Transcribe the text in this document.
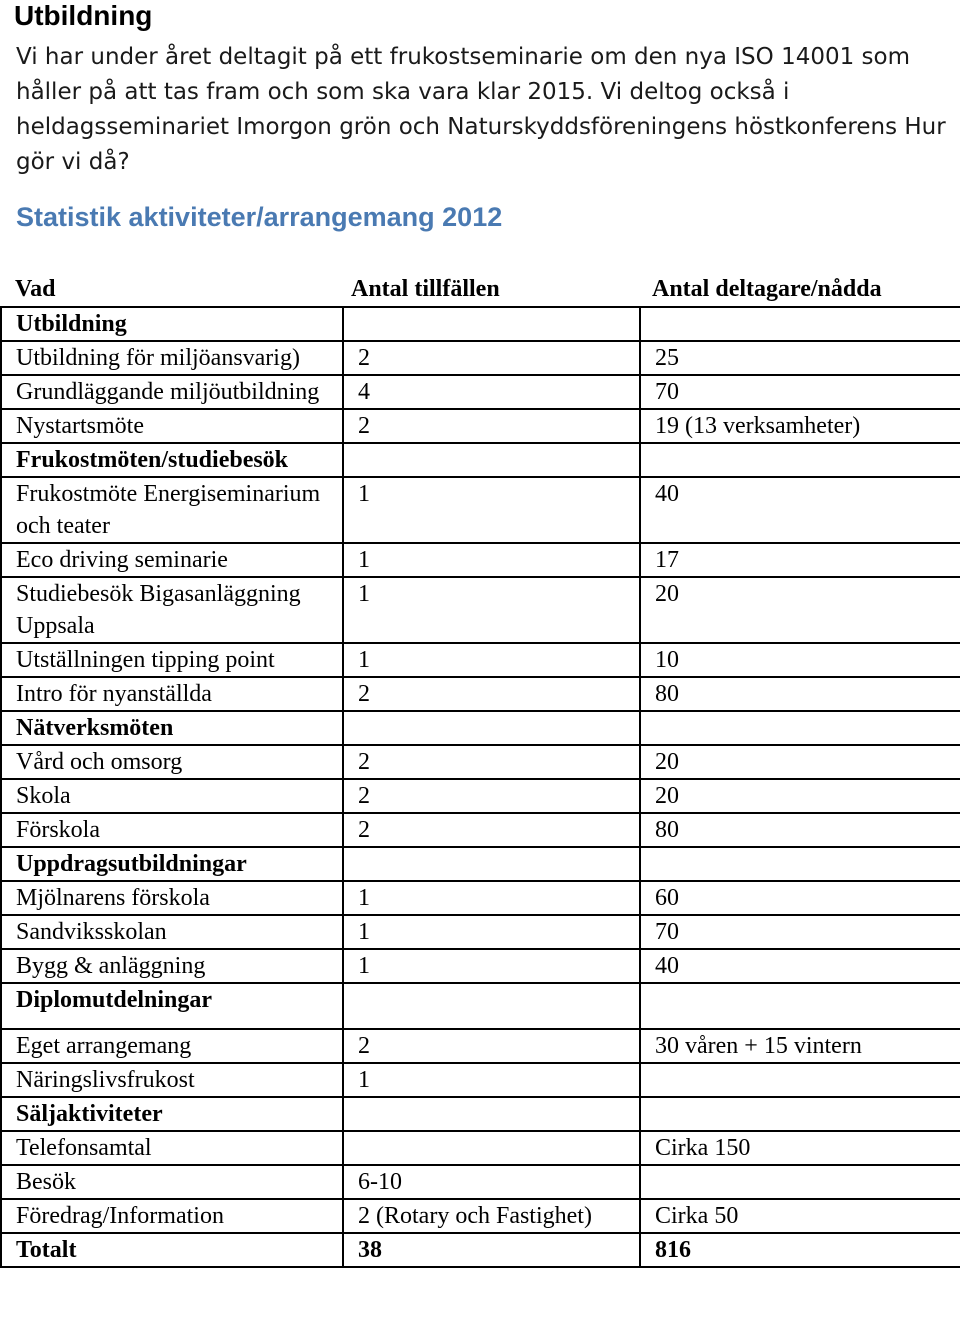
Utbildning

Vi har under året deltagit på ett frukostseminarie om den nya ISO 14001 som håller på att tas fram och som ska vara klar 2015. Vi deltog också i heldagsseminariet Imorgon grön och Naturskyddsföreningens höstkonferens Hur gör vi då?

Statistik aktiviteter/arrangemang 2012
Vad	Antal tillfällen	Antal deltagare/nådda
Utbildning		
Utbildning för miljöansvarig)	2	25
Grundläggande miljöutbildning	4	70
Nystartsmöte	2	19 (13 verksamheter)
Frukostmöten/studiebesök		
Frukostmöte Energiseminarium och teater	1	40
Eco driving seminarie	1	17
Studiebesök Bigasanläggning Uppsala	1	20
Utställningen tipping point	1	10
Intro för nyanställda	2	80
Nätverksmöten		
Vård och omsorg	2	20
Skola	2	20
Förskola	2	80
Uppdragsutbildningar		
Mjölnarens förskola	1	60
Sandviksskolan	1	70
Bygg & anläggning	1	40
Diplomutdelningar		
Eget arrangemang	2	30 våren + 15 vintern
Näringslivsfrukost	1	
Säljaktiviteter		
Telefonsamtal		Cirka 150
Besök	6-10	
Föredrag/Information	2 (Rotary och Fastighet)	Cirka 50
Totalt	38	816
